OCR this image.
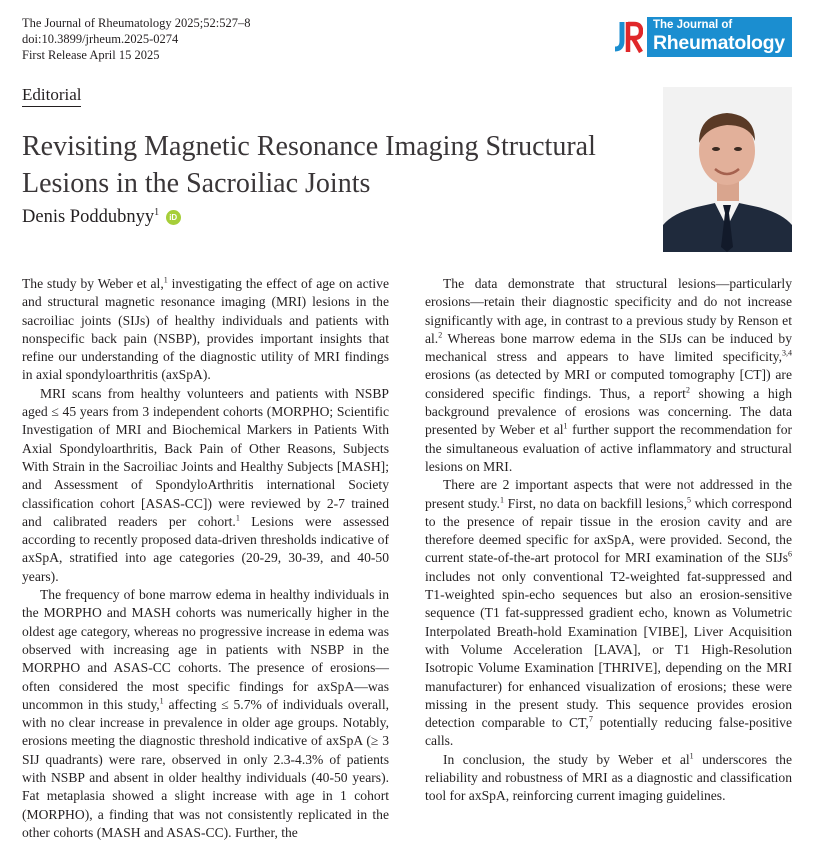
The Journal of Rheumatology 2025;52:527–8
doi:10.3899/jrheum.2025-0274
First Release April 15 2025
The Journal of
Rheumatology
Editorial
Revisiting Magnetic Resonance Imaging Structural Lesions in the Sacroiliac Joints
Denis Poddubnyy$^1$ iD

The study by Weber et al,$^1$ investigating the effect of age on active and structural magnetic resonance imaging (MRI) lesions in the sacroiliac joints (SIJs) of healthy individuals and patients with nonspecific back pain (NSBP), provides important insights that refine our understanding of the diagnostic utility of MRI findings in axial spondyloarthritis (axSpA).

MRI scans from healthy volunteers and patients with NSBP aged ≤ 45 years from 3 independent cohorts (MORPHO; Scientific Investigation of MRI and Biochemical Markers in Patients With Axial Spondyloarthritis, Back Pain of Other Reasons, Subjects With Strain in the Sacroiliac Joints and Healthy Subjects [MASH]; and Assessment of SpondyloArthritis international Society classification cohort [ASAS-CC]) were reviewed by 2-7 trained and calibrated readers per cohort.$^1$ Lesions were assessed according to recently proposed data-driven thresholds indicative of axSpA, stratified into age categories (20-29, 30-39, and 40-50 years).

The frequency of bone marrow edema in healthy individuals in the MORPHO and MASH cohorts was numerically higher in the oldest age category, whereas no progressive increase in edema was observed with increasing age in patients with NSBP in the MORPHO and ASAS-CC cohorts. The presence of erosions—often considered the most specific findings for axSpA—was uncommon in this study,$^1$ affecting ≤ 5.7% of individuals overall, with no clear increase in prevalence in older age groups. Notably, erosions meeting the diagnostic threshold indicative of axSpA (≥ 3 SIJ quadrants) were rare, observed in only 2.3-4.3% of patients with NSBP and absent in older healthy individuals (40-50 years). Fat metaplasia showed a slight increase with age in 1 cohort (MORPHO), a finding that was not consistently replicated in the other cohorts (MASH and ASAS-CC). Further, the

The data demonstrate that structural lesions—particularly erosions—retain their diagnostic specificity and do not increase significantly with age, in contrast to a previous study by Renson et al.$^2$ Whereas bone marrow edema in the SIJs can be induced by mechanical stress and appears to have limited specificity,$^{3,4}$ erosions (as detected by MRI or computed tomography [CT]) are considered specific findings. Thus, a report$^2$ showing a high background prevalence of erosions was concerning. The data presented by Weber et $al^1$ further support the recommendation for the simultaneous evaluation of active inflammatory and structural lesions on MRI.

There are 2 important aspects that were not addressed in the present study.$^1$ First, no data on backfill lesions,$^5$ which correspond to the presence of repair tissue in the erosion cavity and are therefore deemed specific for axSpA, were provided. Second, the current state-of-the-art protocol for MRI examination of the SIJs$^6$ includes not only conventional T2-weighted fat-suppressed and T1-weighted spin-echo sequences but also an erosion-sensitive sequence (T1 fat-suppressed gradient echo, known as Volumetric Interpolated Breath-hold Examination [VIBE], Liver Acquisition with Volume Acceleration [LAVA], or T1 High-Resolution Isotropic Volume Examination [THRIVE], depending on the MRI manufacturer) for enhanced visualization of erosions; these were missing in the present study. This sequence provides erosion detection comparable to CT,$^7$ potentially reducing false-positive calls.

In conclusion, the study by Weber et $al^1$ underscores the reliability and robustness of MRI as a diagnostic and classification tool for axSpA, reinforcing current imaging guidelines.
